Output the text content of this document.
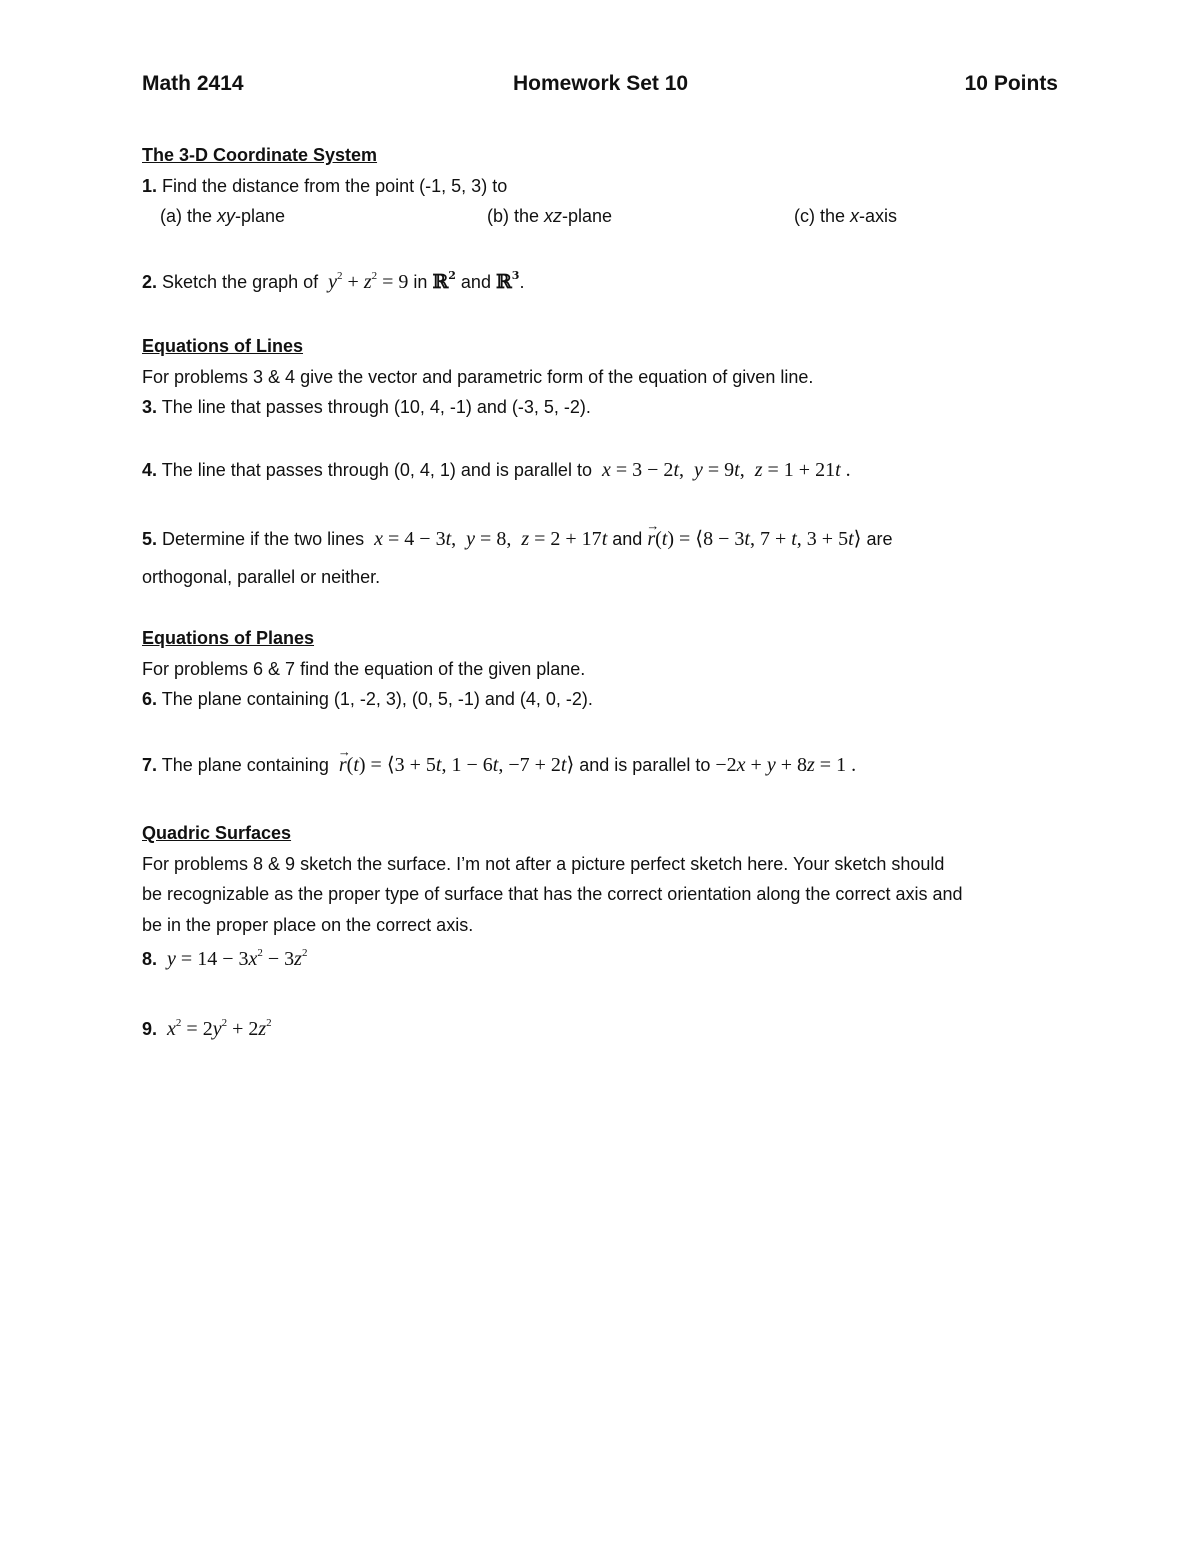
Math 2414	Homework Set 10	10 Points
The 3-D Coordinate System
1. Find the distance from the point (-1, 5, 3) to
(a) the xy-plane	(b) the xz-plane	(c) the x-axis
2. Sketch the graph of $y^2 + z^2 = 9$ in ℝ$^2$ and ℝ$^3$.
Equations of Lines
For problems 3 & 4 give the vector and parametric form of the equation of given line.
3. The line that passes through (10, 4, -1) and (-3, 5, -2).
4. The line that passes through (0, 4, 1) and is parallel to x = 3 − 2t,  y = 9t,  z = 1 + 21t .
5. Determine if the two lines x = 4 − 3t,  y = 8,  z = 2 + 17t and → r(t) = ⟨8 − 3t, 7 + t, 3 + 5t⟩ are
orthogonal, parallel or neither.
Equations of Planes
For problems 6 & 7 find the equation of the given plane.
6. The plane containing (1, -2, 3), (0, 5, -1) and (4, 0, -2).
7. The plane containing → r(t) = ⟨3 + 5t, 1 − 6t, −7 + 2t⟩ and is parallel to −2x + y + 8z = 1 .
Quadric Surfaces
For problems 8 & 9 sketch the surface. I’m not after a picture perfect sketch here. Your sketch should
be recognizable as the proper type of surface that has the correct orientation along the correct axis and
be in the proper place on the correct axis.
8. $y = 14 - 3x^2 - 3z^2$
9. $x^2 = 2y^2 + 2z^2$
